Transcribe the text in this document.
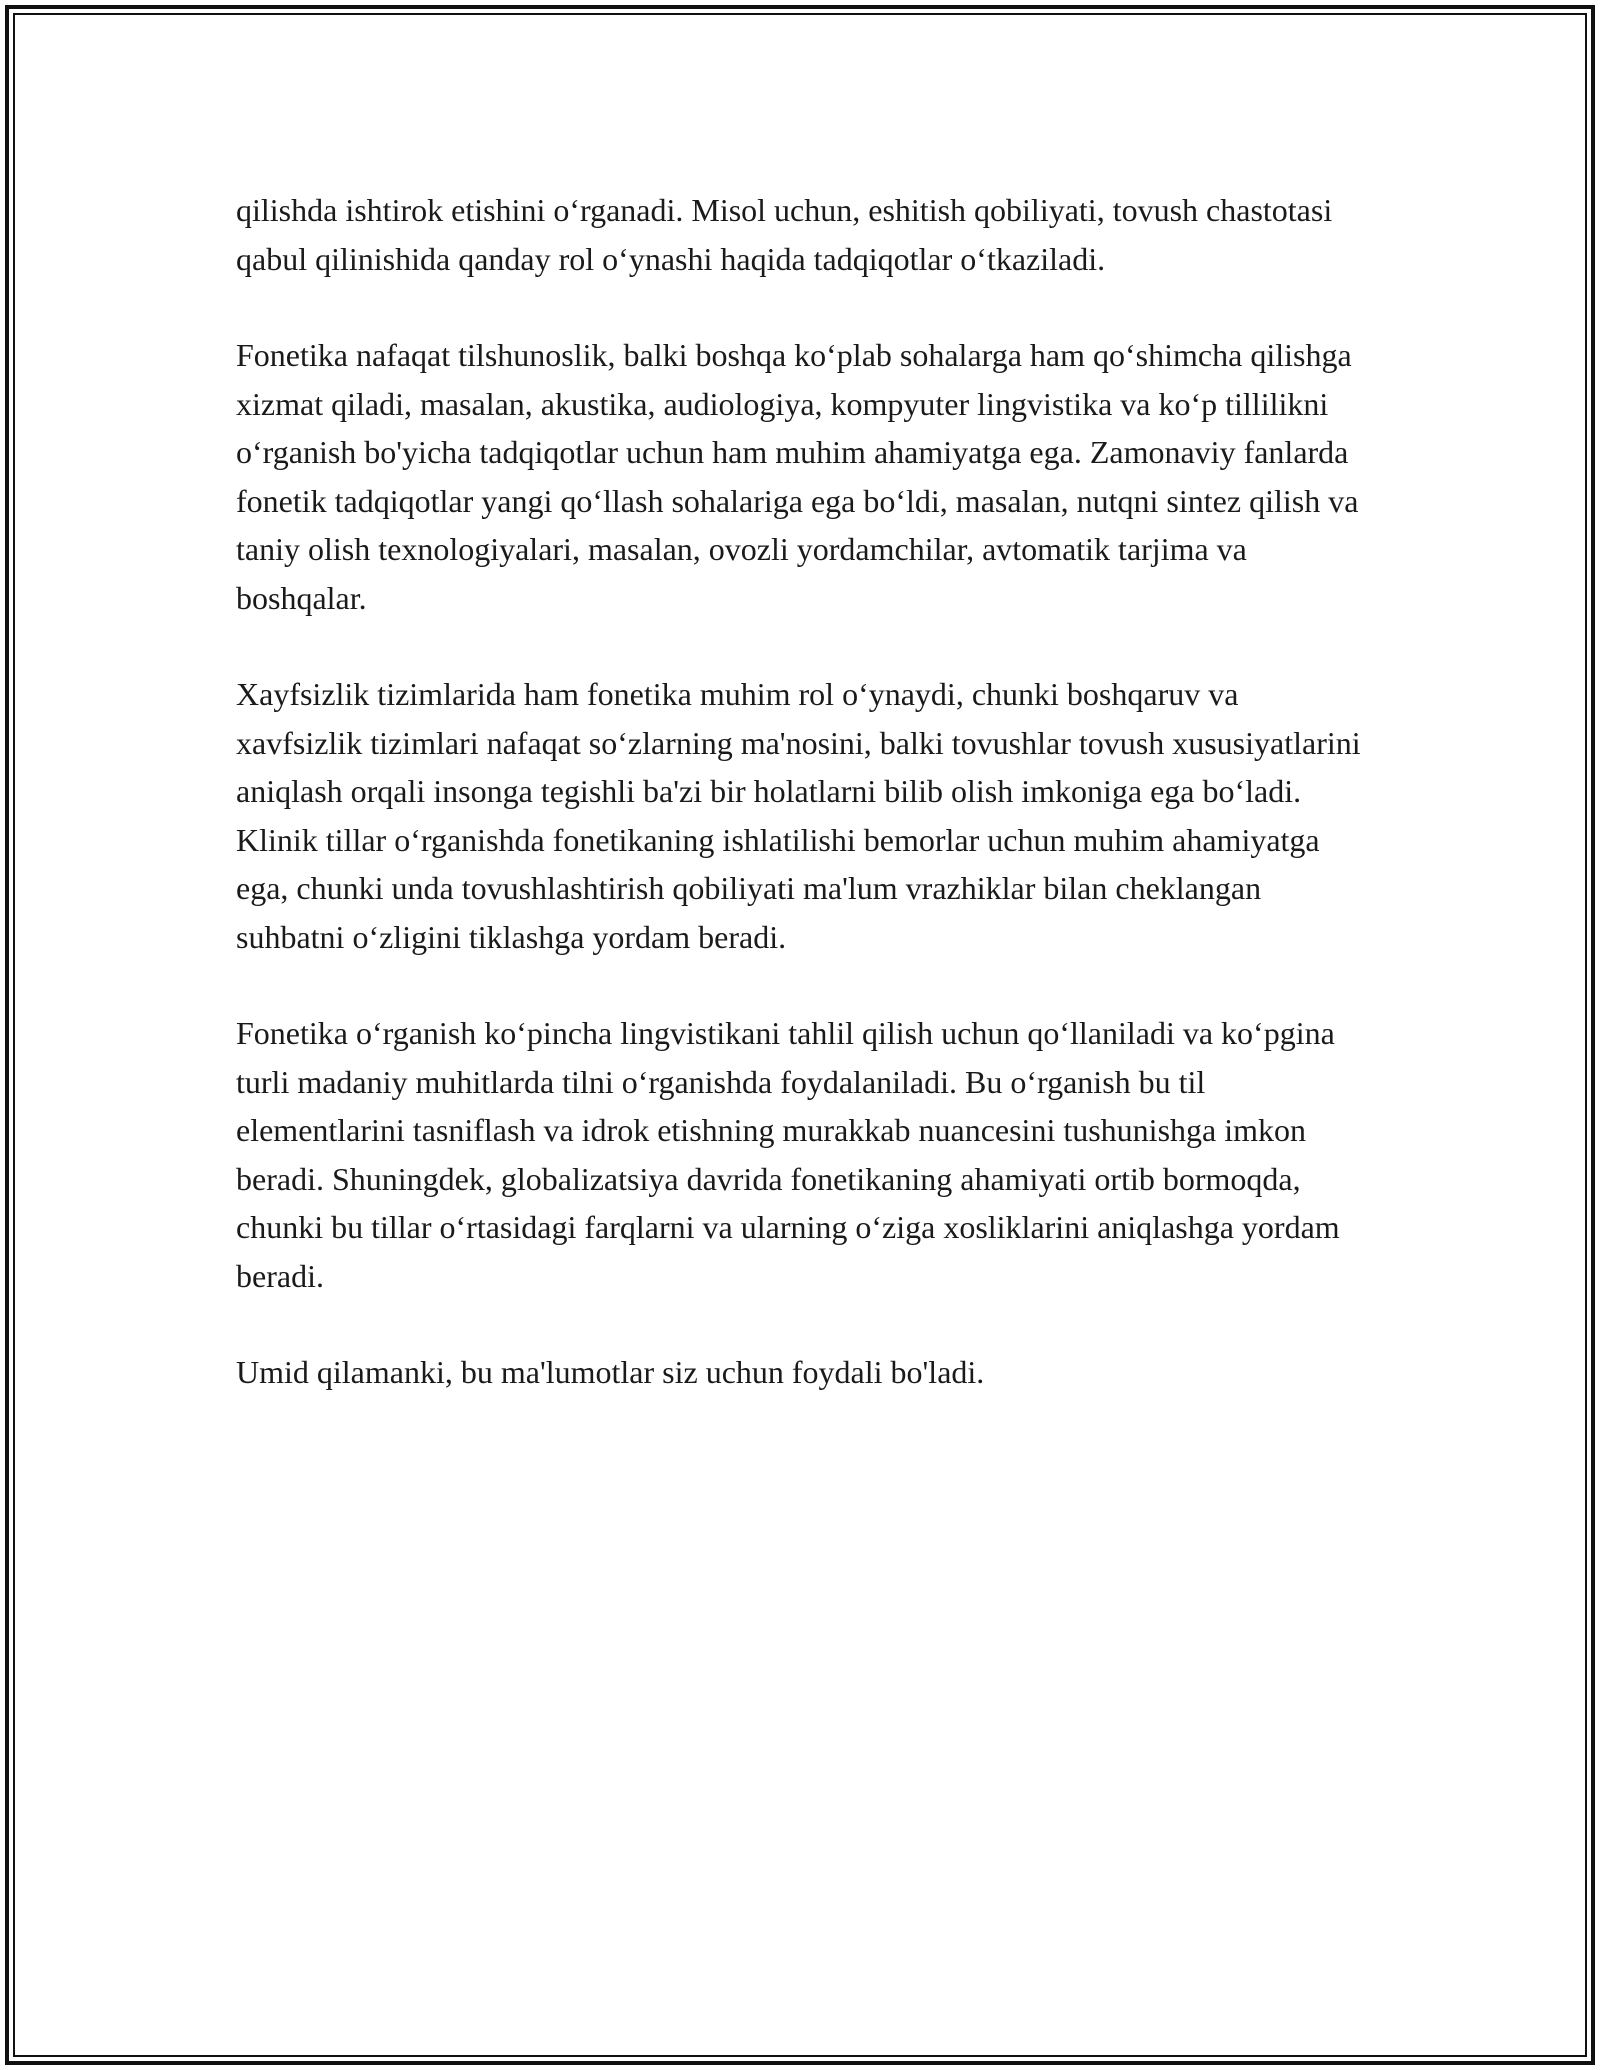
qilishda ishtirok etishini o‘rganadi. Misol uchun, eshitish qobiliyati, tovush chastotasi qabul qilinishida qanday rol o‘ynashi haqida tadqiqotlar o‘tkaziladi.

Fonetika nafaqat tilshunoslik, balki boshqa ko‘plab sohalarga ham qo‘shimcha qilishga xizmat qiladi, masalan, akustika, audiologiya, kompyuter lingvistika va ko‘p tillilikni o‘rganish bo'yicha tadqiqotlar uchun ham muhim ahamiyatga ega. Zamonaviy fanlarda fonetik tadqiqotlar yangi qo‘llash sohalariga ega bo‘ldi, masalan, nutqni sintez qilish va taniy olish texnologiyalari, masalan, ovozli yordamchilar, avtomatik tarjima va boshqalar.

Xayfsizlik tizimlarida ham fonetika muhim rol o‘ynaydi, chunki boshqaruv va xavfsizlik tizimlari nafaqat so‘zlarning ma'nosini, balki tovushlar tovush xususiyatlarini aniqlash orqali insonga tegishli ba'zi bir holatlarni bilib olish imkoniga ega bo‘ladi. Klinik tillar o‘rganishda fonetikaning ishlatilishi bemorlar uchun muhim ahamiyatga ega, chunki unda tovushlashtirish qobiliyati ma'lum vrazhiklar bilan cheklangan suhbatni o‘zligini tiklashga yordam beradi.

Fonetika o‘rganish ko‘pincha lingvistikani tahlil qilish uchun qo‘llaniladi va ko‘pgina turli madaniy muhitlarda tilni o‘rganishda foydalaniladi. Bu o‘rganish bu til elementlarini tasniflash va idrok etishning murakkab nuancesini tushunishga imkon beradi. Shuningdek, globalizatsiya davrida fonetikaning ahamiyati ortib bormoqda, chunki bu tillar o‘rtasidagi farqlarni va ularning o‘ziga xosliklarini aniqlashga yordam beradi.

Umid qilamanki, bu ma'lumotlar siz uchun foydali bo'ladi.
